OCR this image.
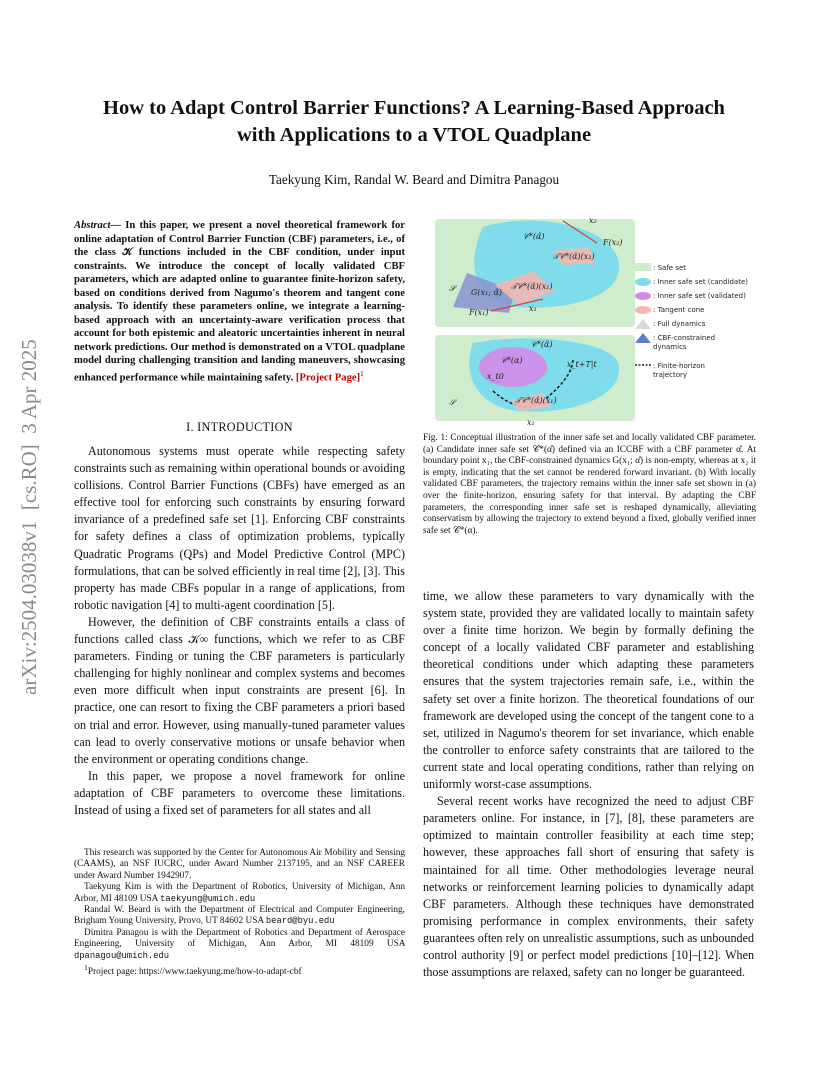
arXiv:2504.03038v1  [cs.RO]  3 Apr 2025
How to Adapt Control Barrier Functions? A Learning-Based Approach
with Applications to a VTOL Quadplane
Taekyung Kim, Randal W. Beard and Dimitra Panagou
Abstract— In this paper, we present a novel theoretical framework for online adaptation of Control Barrier Function (CBF) parameters, i.e., of the class 𝒦 functions included in the CBF condition, under input constraints. We introduce the concept of locally validated CBF parameters, which are adapted online to guarantee finite-horizon safety, based on conditions derived from Nagumo's theorem and tangent cone analysis. To identify these parameters online, we integrate a learning-based approach with an uncertainty-aware verification process that account for both epistemic and aleatoric uncertainties inherent in neural network predictions. Our method is demonstrated on a VTOL quadplane model during challenging transition and landing maneuvers, showcasing enhanced performance while maintaining safety. [Project Page]$^1$
I. INTRODUCTION

Autonomous systems must operate while respecting safety constraints such as remaining within operational bounds or avoiding collisions. Control Barrier Functions (CBFs) have emerged as an effective tool for enforcing such constraints by ensuring forward invariance of a predefined safe set [1]. Enforcing CBF constraints for safety defines a class of optimization problems, typically Quadratic Programs (QPs) and Model Predictive Control (MPC) formulations, that can be solved efficiently in real time [2], [3]. This property has made CBFs popular in a range of applications, from robotic navigation [4] to multi-agent coordination [5].

However, the definition of CBF constraints entails a class of functions called class 𝒦∞ functions, which we refer to as CBF parameters. Finding or tuning the CBF parameters is particularly challenging for highly nonlinear and complex systems and becomes even more difficult when input constraints are present [6]. In practice, one can resort to fixing the CBF parameters a priori based on trial and error. However, using manually-tuned parameter values can lead to overly conservative motions or unsafe behavior when the environment or operating conditions change.

In this paper, we propose a novel framework for online adaptation of CBF parameters to overcome these limitations. Instead of using a fixed set of parameters for all states and all

This research was supported by the Center for Autonomous Air Mobility and Sensing (CAAMS), an NSF IUCRC, under Award Number 2137195, and an NSF CAREER under Award Number 1942907.

Taekyung Kim is with the Department of Robotics, University of Michigan, Ann Arbor, MI 48109 USA taekyung@umich.edu

Randal W. Beard is with the Department of Electrical and Computer Engineering, Brigham Young University, Provo, UT 84602 USA beard@byu.edu

Dimitra Panagou is with the Department of Robotics and Department of Aerospace Engineering, University of Michigan, Ann Arbor, MI 48109 USA dpanagou@umich.edu

$^1$Project page: https://www.taekyung.me/how-to-adapt-cbf

𝒞*(α̂)
x₂
F(x₂)
𝒯𝒞*(α̂)(x₂)
𝒮	G(x₁; α̂)
𝒯𝒞*(α̂)(x₁)
F(x₁)	x₁
𝒞*(α̂)
𝒞*(α)
x_t0
x_t+T|t
𝒮	𝒯𝒞*(α̂)(x₁)
x₁
: Safe set
: Inner safe set (candidate)
: Inner safe set (validated)
: Tangent cone
: Full dynamics
: CBF-constrained
dynamics
: Finite-horizon
trajectory
Fig. 1: Conceptual illustration of the inner safe set and locally validated CBF parameter. (a) Candidate inner safe set 𝒞*(α̂) defined via an ICCBF with a CBF parameter α̂. At boundary point x₁, the CBF-constrained dynamics G(x₁; α̂) is non-empty, whereas at x₂ it is empty, indicating that the set cannot be rendered forward invariant. (b) With locally validated CBF parameters, the trajectory remains within the inner safe set shown in (a) over the finite-horizon, ensuring safety for that interval. By adapting the CBF parameters, the corresponding inner safe set is reshaped dynamically, alleviating conservatism by allowing the trajectory to extend beyond a fixed, globally verified inner safe set 𝒞*(α).

time, we allow these parameters to vary dynamically with the system state, provided they are validated locally to maintain safety over a finite time horizon. We begin by formally defining the concept of a locally validated CBF parameter and establishing theoretical conditions under which adapting these parameters ensures that the system trajectories remain safe, i.e., within the safety set over a finite horizon. The theoretical foundations of our framework are developed using the concept of the tangent cone to a set, utilized in Nagumo's theorem for set invariance, which enable the controller to enforce safety constraints that are tailored to the current state and local operating conditions, rather than relying on uniformly worst-case assumptions.

Several recent works have recognized the need to adjust CBF parameters online. For instance, in [7], [8], these parameters are optimized to maintain controller feasibility at each time step; however, these approaches fall short of ensuring that safety is maintained for all time. Other methodologies leverage neural networks or reinforcement learning policies to dynamically adapt CBF parameters. Although these techniques have demonstrated promising performance in complex environments, their safety guarantees often rely on unrealistic assumptions, such as unbounded control authority [9] or perfect model predictions [10]–[12]. When those assumptions are relaxed, safety can no longer be guaranteed.
